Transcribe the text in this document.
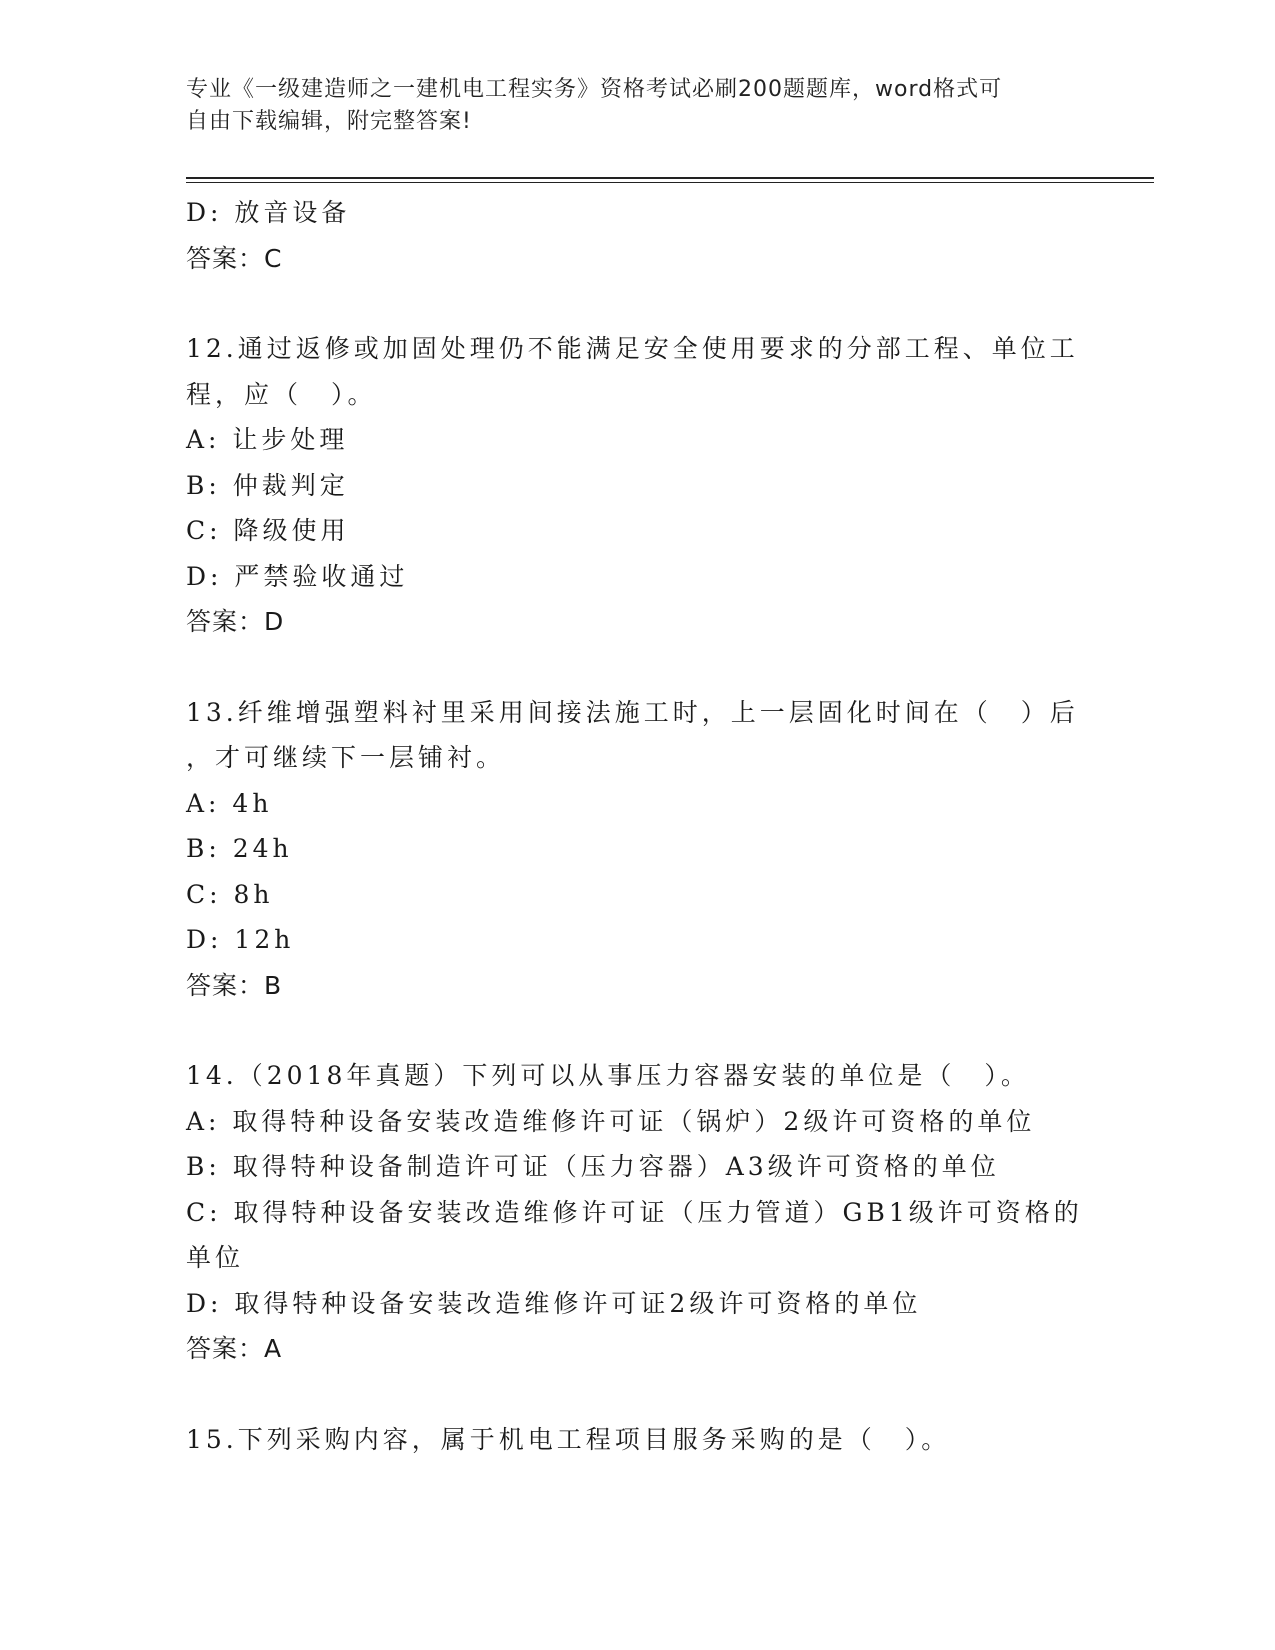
专业《一级建造师之一建机电工程实务》资格考试必刷200题题库，word格式可
自由下载编辑，附完整答案!
D: 放音设备
答案：C
12.通过返修或加固处理仍不能满足安全使用要求的分部工程、单位工
程，应（　）。
A: 让步处理
B: 仲裁判定
C: 降级使用
D: 严禁验收通过
答案：D
13.纤维增强塑料衬里采用间接法施工时，上一层固化时间在（　）后
，才可继续下一层铺衬。
A: 4h
B: 24h
C: 8h
D: 12h
答案：B
14.（2018年真题）下列可以从事压力容器安装的单位是（　）。
A: 取得特种设备安装改造维修许可证（锅炉）2级许可资格的单位
B: 取得特种设备制造许可证（压力容器）A3级许可资格的单位
C: 取得特种设备安装改造维修许可证（压力管道）GB1级许可资格的
单位
D: 取得特种设备安装改造维修许可证2级许可资格的单位
答案：A
15.下列采购内容，属于机电工程项目服务采购的是（　）。
